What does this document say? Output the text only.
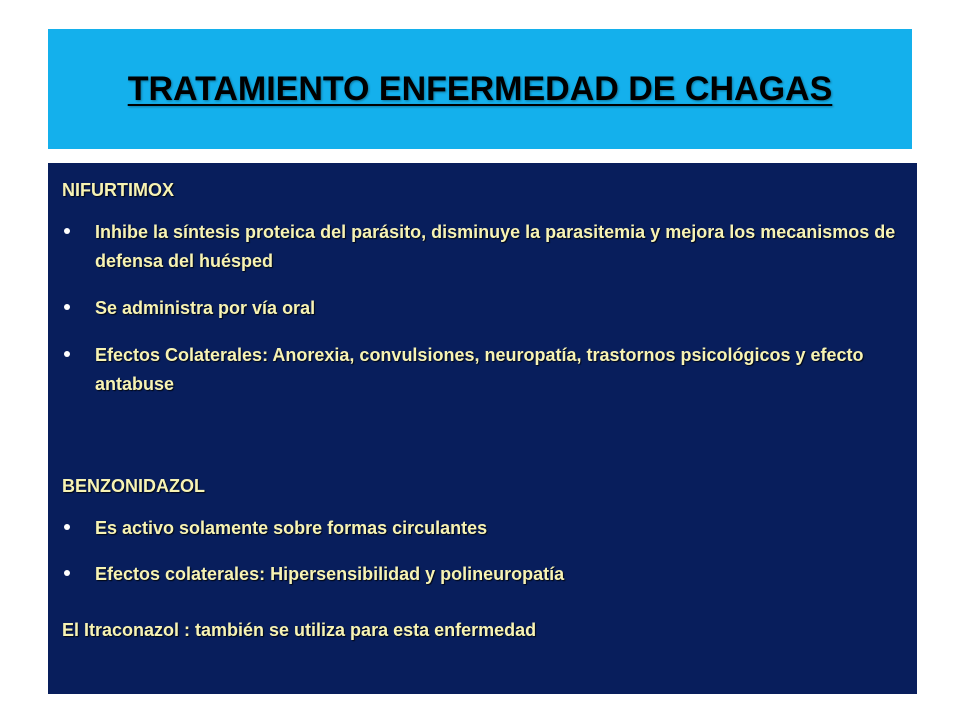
TRATAMIENTO ENFERMEDAD DE CHAGAS

NIFURTIMOX

Inhibe la síntesis proteica del parásito, disminuye la parasitemia y mejora los mecanismos de defensa del huésped
Se administra por vía oral
Efectos Colaterales: Anorexia, convulsiones, neuropatía, trastornos psicológicos y efecto antabuse

BENZONIDAZOL

Es activo solamente sobre formas circulantes
Efectos colaterales: Hipersensibilidad y polineuropatía

El Itraconazol : también se utiliza para esta enfermedad
